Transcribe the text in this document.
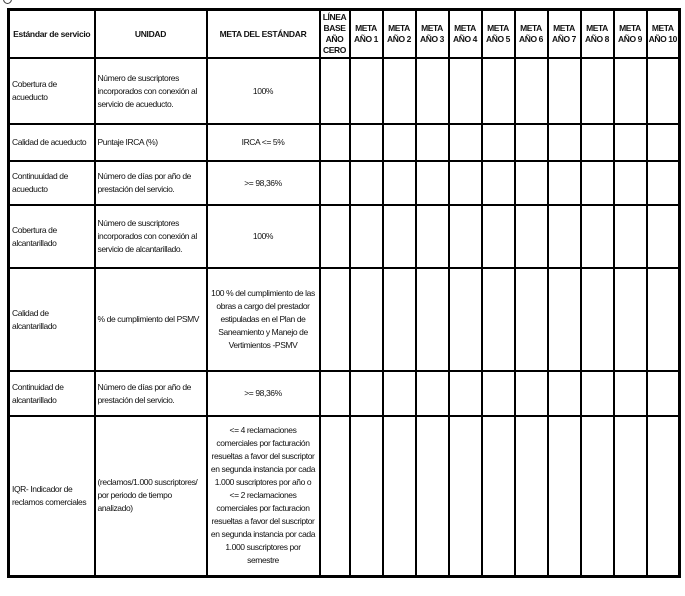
Estándar de servicio	UNIDAD	META DEL ESTÁNDAR	LÍNEA BASE AÑO CERO	META AÑO 1	META AÑO 2	META AÑO 3	META AÑO 4	META AÑO 5	META AÑO 6	META AÑO 7	META AÑO 8	META AÑO 9	META AÑO 10
Cobertura de acueducto	Número de suscriptores incorporados con conexión al servicio de acueducto.	100%											
Calidad de acueducto	Puntaje IRCA (%)	IRCA <= 5%											
Continuuidad de acueducto	Número de días por año de prestación del servicio.	>= 98,36%											
Cobertura de alcantarillado	Número de suscriptores incorporados con conexión al servicio de alcantarillado.	100%											
Calidad de alcantarillado	% de cumplimiento del PSMV	100 % del cumplimiento de las obras a cargo del prestador estipuladas en el Plan de Saneamiento y Manejo de Vertimientos -PSMV											
Continuidad de alcantarillado	Número de días por año de prestación del servicio.	>= 98,36%											
IQR- Indicador de reclamos comerciales	(reclamos/1.000 suscriptores/ por periodo de tiempo analizado)	<= 4 reclamaciones comerciales por facturación resueltas a favor del suscriptor en segunda instancia por cada 1.000 suscriptores por año o <= 2 reclamaciones comerciales por facturacion resueltas a favor del suscriptor en segunda instancia por cada 1.000 suscriptores por semestre											
